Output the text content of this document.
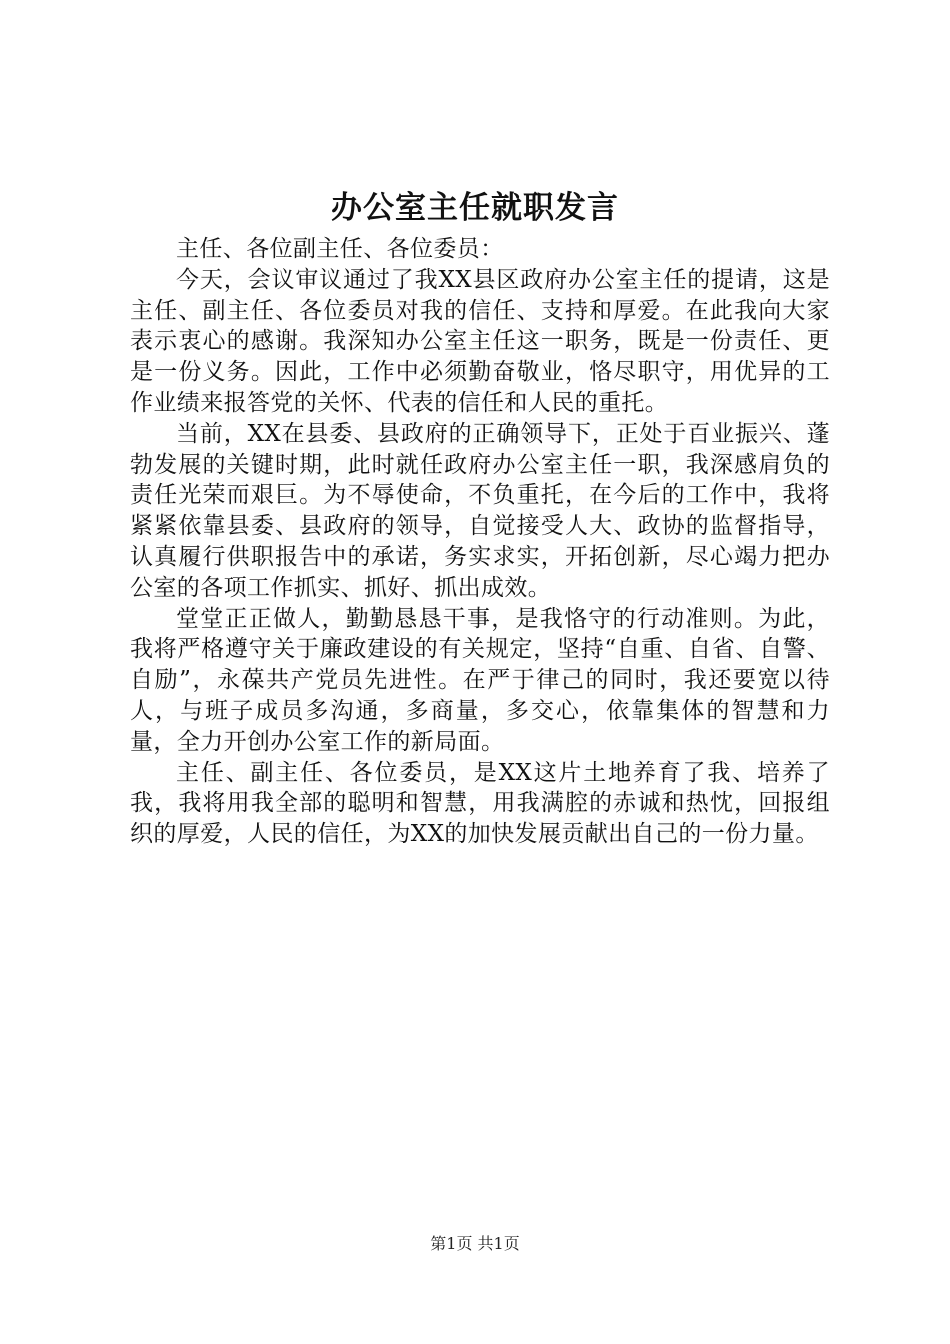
办公室主任就职发言

主任、各位副主任、各位委员：

今天，会议审议通过了我XX县区政府办公室主任的提请，这是主任、副主任、各位委员对我的信任、支持和厚爱。在此我向大家表示衷心的感谢。我深知办公室主任这一职务，既是一份责任、更是一份义务。因此，工作中必须勤奋敬业，恪尽职守，用优异的工作业绩来报答党的关怀、代表的信任和人民的重托。

当前，XX在县委、县政府的正确领导下，正处于百业振兴、蓬勃发展的关键时期，此时就任政府办公室主任一职，我深感肩负的责任光荣而艰巨。为不辱使命，不负重托，在今后的工作中，我将紧紧依靠县委、县政府的领导，自觉接受人大、政协的监督指导，认真履行供职报告中的承诺，务实求实，开拓创新，尽心竭力把办公室的各项工作抓实、抓好、抓出成效。

堂堂正正做人，勤勤恳恳干事，是我恪守的行动准则。为此，我将严格遵守关于廉政建设的有关规定，坚持“自重、自省、自警、自励”，永葆共产党员先进性。在严于律己的同时，我还要宽以待人，与班子成员多沟通，多商量，多交心，依靠集体的智慧和力量，全力开创办公室工作的新局面。

主任、副主任、各位委员，是XX这片土地养育了我、培养了我，我将用我全部的聪明和智慧，用我满腔的赤诚和热忱，回报组织的厚爱，人民的信任，为XX的加快发展贡献出自己的一份力量。

第1页 共1页
